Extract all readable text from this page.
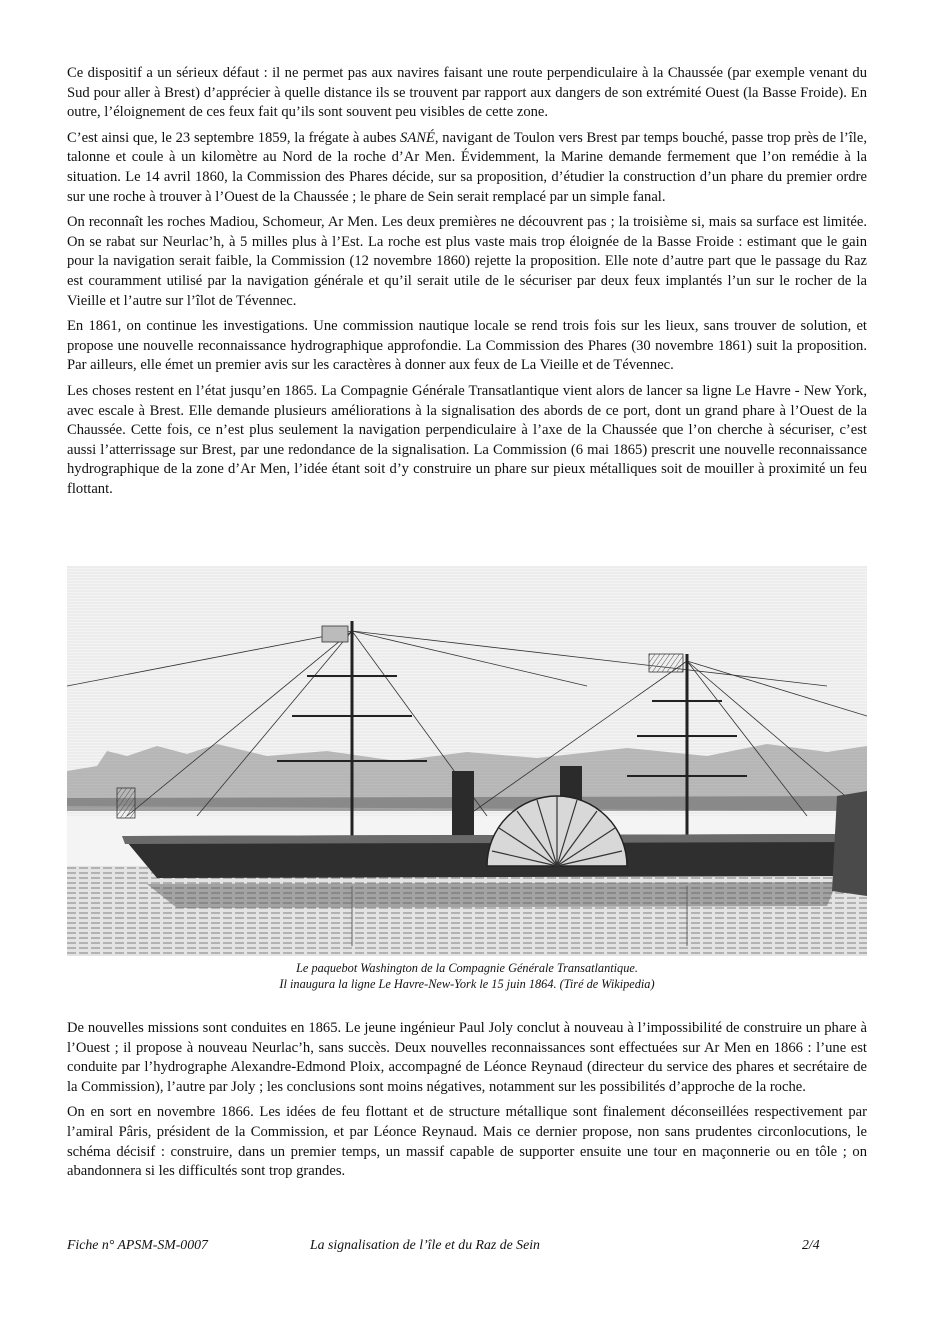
Ce dispositif a un sérieux défaut : il ne permet pas aux navires faisant une route perpendiculaire à la Chaussée (par exemple venant du Sud pour aller à Brest) d’apprécier à quelle distance ils se trouvent par rapport aux dangers de son extrémité Ouest (la Basse Froide). En outre, l’éloignement de ces feux fait qu’ils sont souvent peu visibles de cette zone.

C’est ainsi que, le 23 septembre 1859, la frégate à aubes SANÉ, navigant de Toulon vers Brest par temps bouché, passe trop près de l’île, talonne et coule à un kilomètre au Nord de la roche d’Ar Men. Évidemment, la Marine demande fermement que l’on remédie à la situation. Le 14 avril 1860, la Commission des Phares décide, sur sa proposition, d’étudier la construction d’un phare du premier ordre sur une roche à trouver à l’Ouest de la Chaussée ; le phare de Sein serait remplacé par un simple fanal.

On reconnaît les roches Madiou, Schomeur, Ar Men. Les deux premières ne découvrent pas ; la troisième si, mais sa surface est limitée. On se rabat sur Neurlac’h, à 5 milles plus à l’Est. La roche est plus vaste mais trop éloignée de la Basse Froide : estimant que le gain pour la navigation serait faible, la Commission (12 novembre 1860) rejette la proposition. Elle note d’autre part que le passage du Raz est couramment utilisé par la navigation générale et qu’il serait utile de le sécuriser par deux feux implantés l’un sur le rocher de la Vieille et l’autre sur l’îlot de Tévennec.

En 1861, on continue les investigations. Une commission nautique locale se rend trois fois sur les lieux, sans trouver de solution, et propose une nouvelle reconnaissance hydrographique approfondie. La Commission des Phares (30 novembre 1861) suit la proposition. Par ailleurs, elle émet un premier avis sur les caractères à donner aux feux de La Vieille et de Tévennec.

Les choses restent en l’état jusqu’en 1865. La Compagnie Générale Transatlantique vient alors de lancer sa ligne Le Havre - New York, avec escale à Brest. Elle demande plusieurs améliorations à la signalisation des abords de ce port, dont un grand phare à l’Ouest de la Chaussée. Cette fois, ce n’est plus seulement la navigation perpendiculaire à l’axe de la Chaussée que l’on cherche à sécuriser, c’est aussi l’atterrissage sur Brest, par une redondance de la signalisation. La Commission (6 mai 1865) prescrit une nouvelle reconnaissance hydrographique de la zone d’Ar Men, l’idée étant soit d’y construire un phare sur pieux métalliques soit de mouiller à proximité un feu flottant.

Le paquebot Washington de la Compagnie Générale Transatlantique.
Il inaugura la ligne Le Havre-New-York le 15 juin 1864. (Tiré de Wikipedia)

De nouvelles missions sont conduites en 1865. Le jeune ingénieur Paul Joly conclut à nouveau à l’impossibilité de construire un phare à l’Ouest ; il propose à nouveau Neurlac’h, sans succès. Deux nouvelles reconnaissances sont effectuées sur Ar Men en 1866 : l’une est conduite par l’hydrographe Alexandre-Edmond Ploix, accompagné de Léonce Reynaud (directeur du service des phares et secrétaire de la Commission), l’autre par Joly ; les conclusions sont moins négatives, notamment sur les possibilités d’approche de la roche.

On en sort en novembre 1866. Les idées de feu flottant et de structure métallique sont finalement déconseillées respectivement par l’amiral Pâris, président de la Commission, et par Léonce Reynaud. Mais ce dernier propose, non sans prudentes circonlocutions, le schéma décisif : construire, dans un premier temps, un massif capable de supporter ensuite une tour en maçonnerie ou en tôle ; on abandonnera si les difficultés sont trop grandes.

Fiche n° APSM-SM-0007	La signalisation de l’île et du Raz de Sein	2/4
